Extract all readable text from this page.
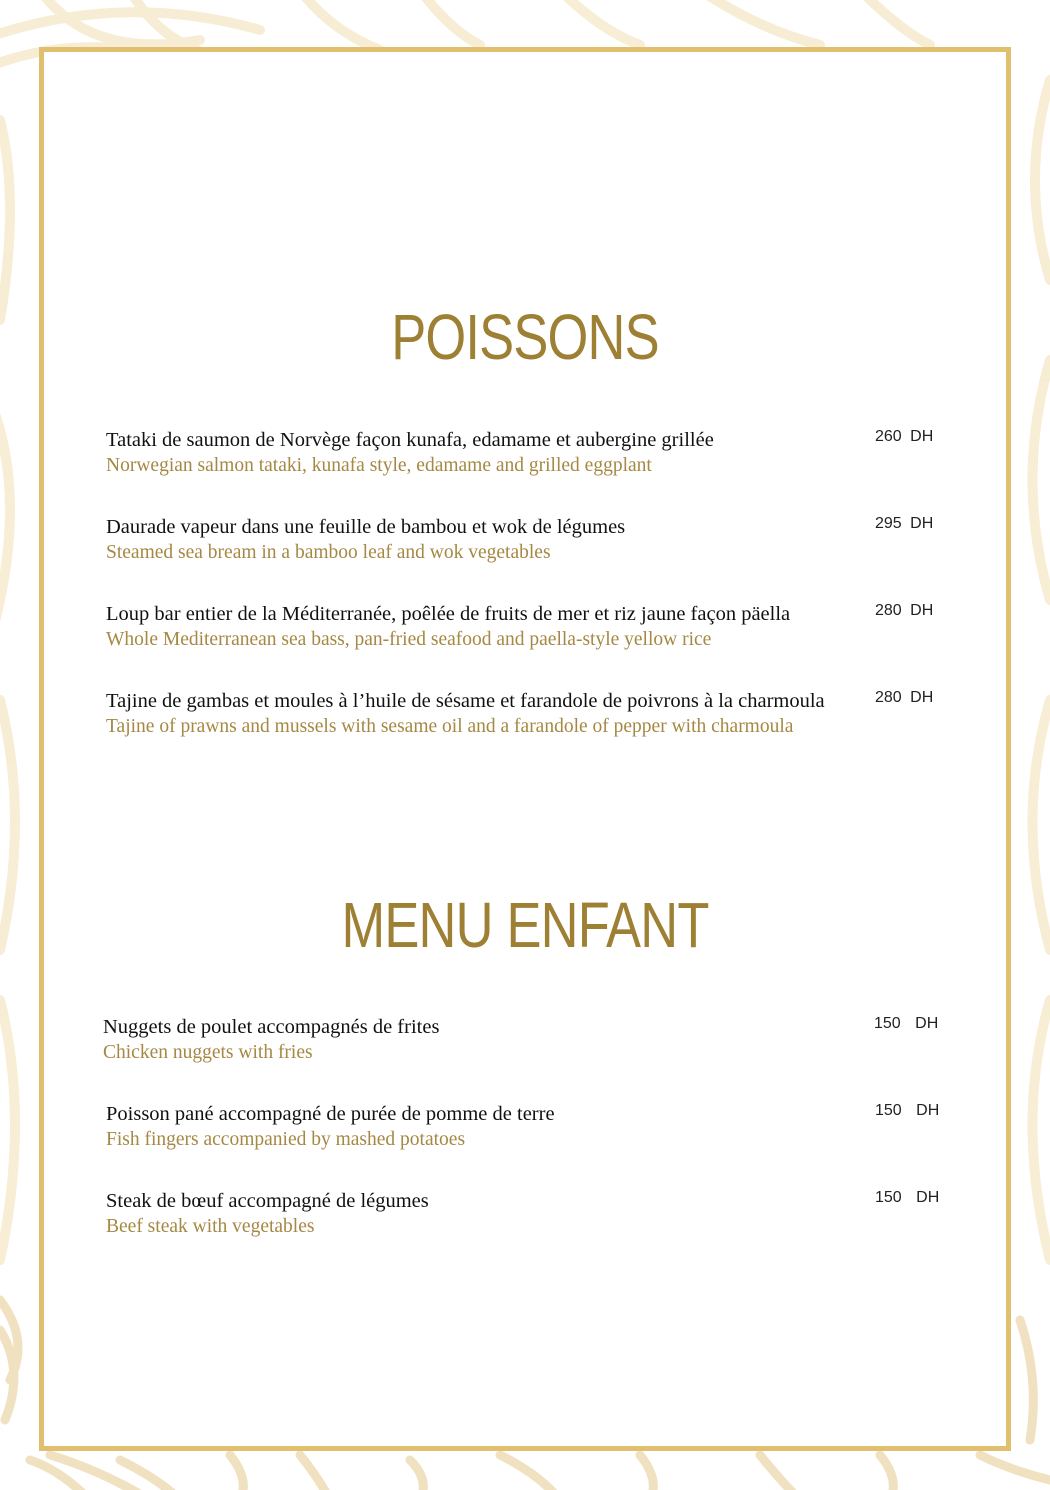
POISSONS
Tataki de saumon de Norvège façon kunafa, edamame et aubergine grillée
Norwegian salmon tataki, kunafa style, edamame and grilled eggplant
260 DH
Daurade vapeur dans une feuille de bambou et wok de légumes
Steamed sea bream in a bamboo leaf and wok vegetables
295 DH
Loup bar entier de la Méditerranée, poêlée de fruits de mer et riz jaune façon päella
Whole Mediterranean sea bass, pan-fried seafood and paella-style yellow rice
280 DH
Tajine de gambas et moules à l’huile de sésame et farandole de poivrons à la charmoula
Tajine of prawns and mussels with sesame oil and a farandole of pepper with charmoula
280 DH
MENU ENFANT
Nuggets de poulet accompagnés de frites
Chicken nuggets with fries
150 DH
Poisson pané accompagné de purée de pomme de terre
Fish fingers accompanied by mashed potatoes
150 DH
Steak de bœuf accompagné de légumes
Beef steak with vegetables
150 DH
